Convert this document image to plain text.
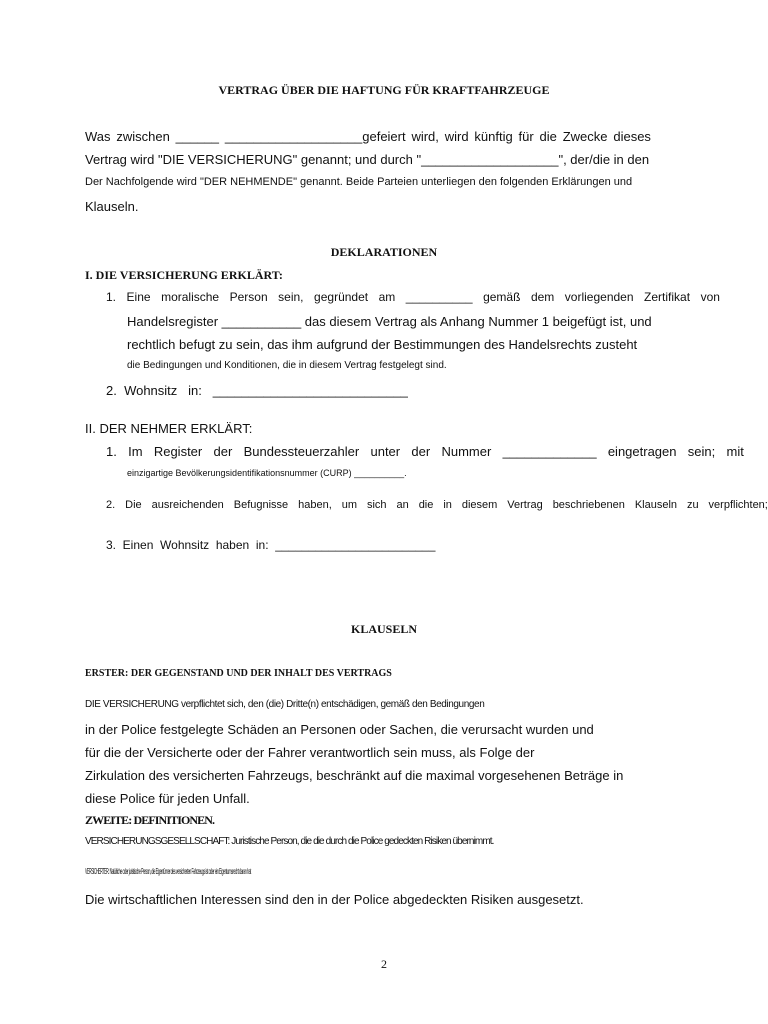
VERTRAG ÜBER DIE HAFTUNG FÜR KRAFTFAHRZEUGE
Was zwischen ______ ___________________gefeiert wird, wird künftig für die Zwecke dieses
Vertrag wird "DIE VERSICHERUNG" genannt; und durch "___________________", der/die in den
Der Nachfolgende wird "DER NEHMENDE" genannt. Beide Parteien unterliegen den folgenden Erklärungen und
Klauseln.
DEKLARATIONEN
I. DIE VERSICHERUNG ERKLÄRT:
1. Eine moralische Person sein, gegründet am __________ gemäß dem vorliegenden Zertifikat von
Handelsregister ___________ das diesem Vertrag als Anhang Nummer 1 beigefügt ist, und
rechtlich befugt zu sein, das ihm aufgrund der Bestimmungen des Handelsrechts zusteht
die Bedingungen und Konditionen, die in diesem Vertrag festgelegt sind.
2.  Wohnsitz   in:   ___________________________
II. DER NEHMER ERKLÄRT:
1. Im Register der Bundessteuerzahler unter der Nummer _____________ eingetragen sein; mit
einzigartige Bevölkerungsidentifikationsnummer (CURP) __________.
2. Die ausreichenden Befugnisse haben, um sich an die in diesem Vertrag beschriebenen Klauseln zu verpflichten;
3.  Einen  Wohnsitz  haben  in:  ________________________
KLAUSELN
ERSTER: DER GEGENSTAND UND DER INHALT DES VERTRAGS
DIE VERSICHERUNG verpflichtet sich, den (die) Dritte(n) entschädigen, gemäß den Bedingungen
in der Police festgelegte Schäden an Personen oder Sachen, die verursacht wurden und
für die der Versicherte oder der Fahrer verantwortlich sein muss, als Folge der
Zirkulation des versicherten Fahrzeugs, beschränkt auf die maximal vorgesehenen Beträge in
diese Police für jeden Unfall.
ZWEITE: DEFINITIONEN.
VERSICHERUNGSGESELLSCHAFT: Juristische Person, die die durch die Police gedeckten Risiken übernimmt.
VERSICHERTER: Natürliche oder juristische Person, die Eigentümer des versicherten Fahrzeugs ist oder ein Eigentumsrecht daran hat
Die wirtschaftlichen Interessen sind den in der Police abgedeckten Risiken ausgesetzt.
2
